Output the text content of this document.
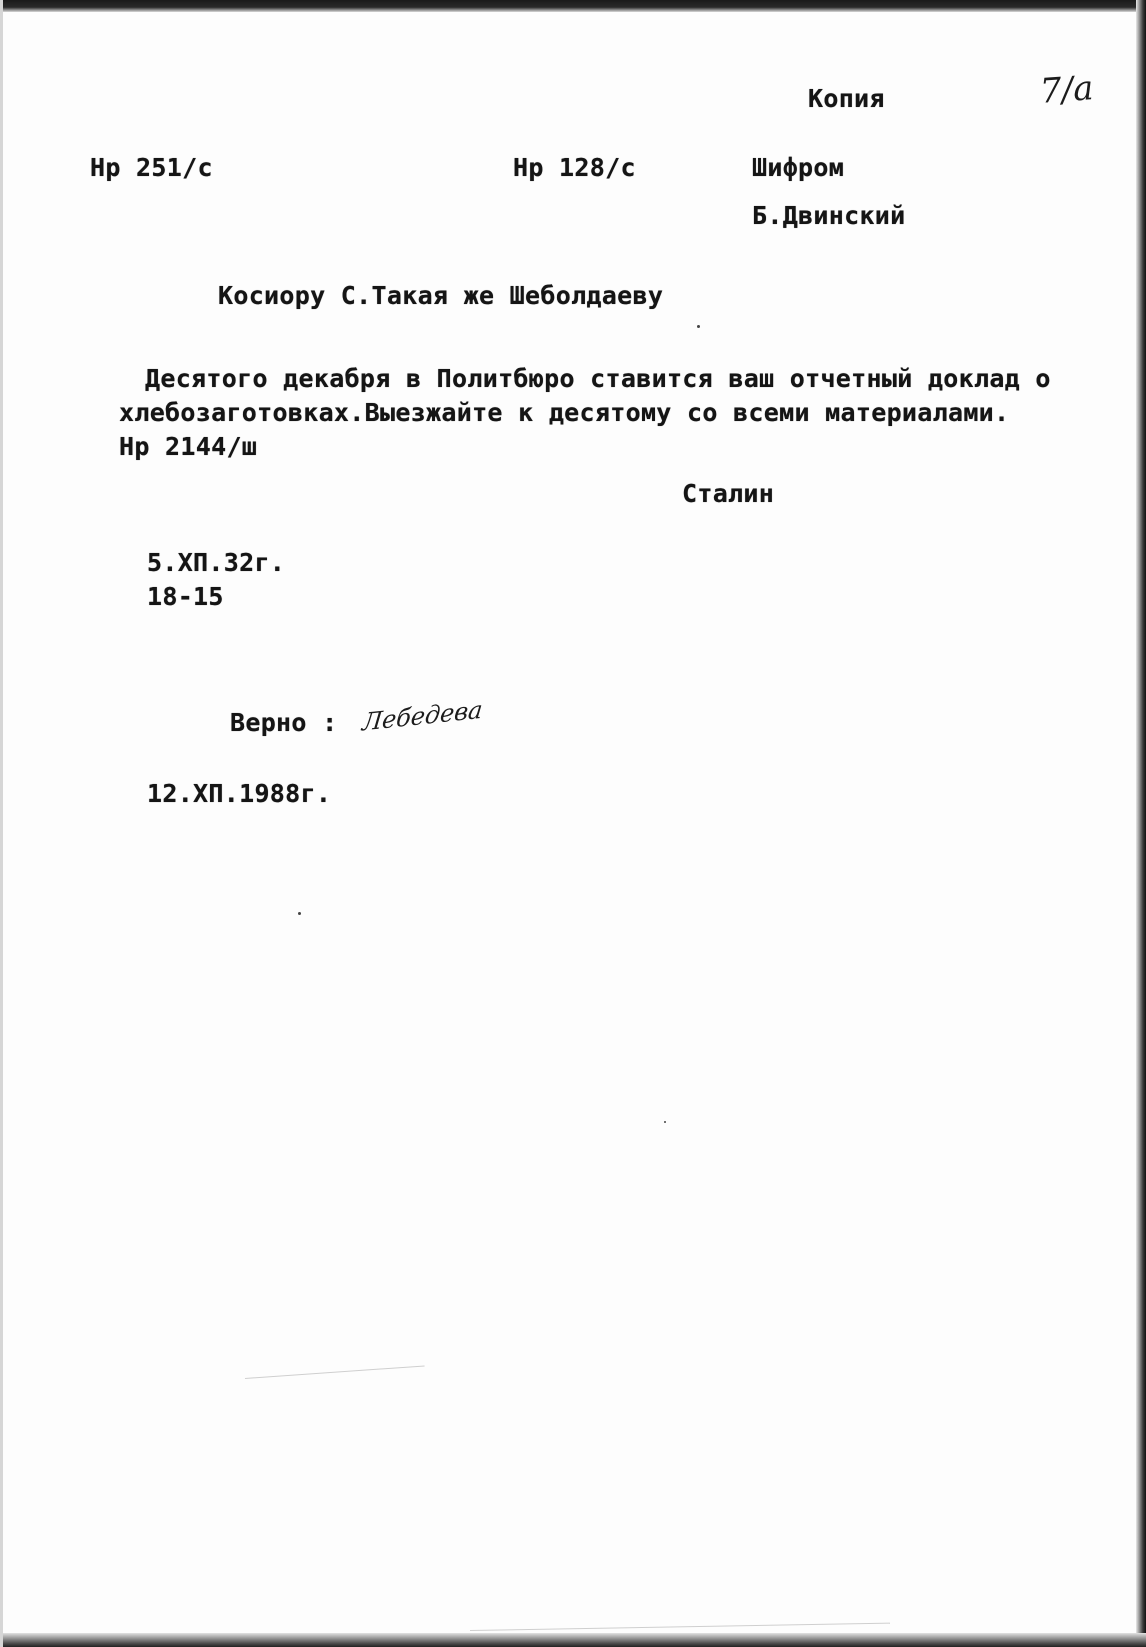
7/а
Копия
Нр 251/с	Нр 128/с	Шифром
Б.Двинский
Косиору С.Такая же Шеболдаеву
Десятого декабря в Политбюро ставится ваш отчетный доклад о
хлебозаготовках.Выезжайте к десятому со всеми материалами.
Нр 2144/ш
Сталин
5.XП.32г.
18-15
Верно : Лебедева
12.XП.1988г.
